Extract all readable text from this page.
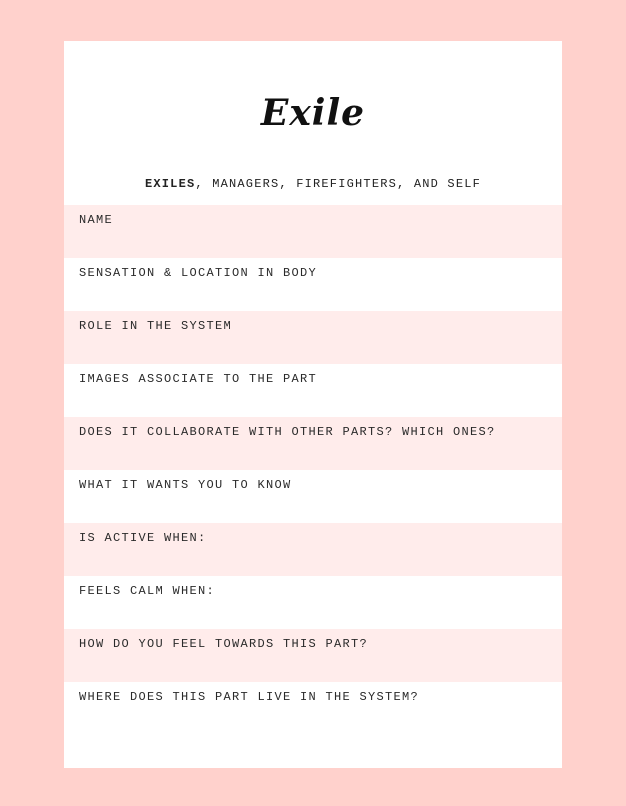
Exile
EXILES, MANAGERS, FIREFIGHTERS, AND SELF
NAME
SENSATION & LOCATION IN BODY
ROLE IN THE SYSTEM
IMAGES ASSOCIATE TO THE PART
DOES IT COLLABORATE WITH OTHER PARTS? WHICH ONES?
WHAT IT WANTS YOU TO KNOW
IS ACTIVE WHEN:
FEELS CALM WHEN:
HOW DO YOU FEEL TOWARDS THIS PART?
WHERE DOES THIS PART LIVE IN THE SYSTEM?
